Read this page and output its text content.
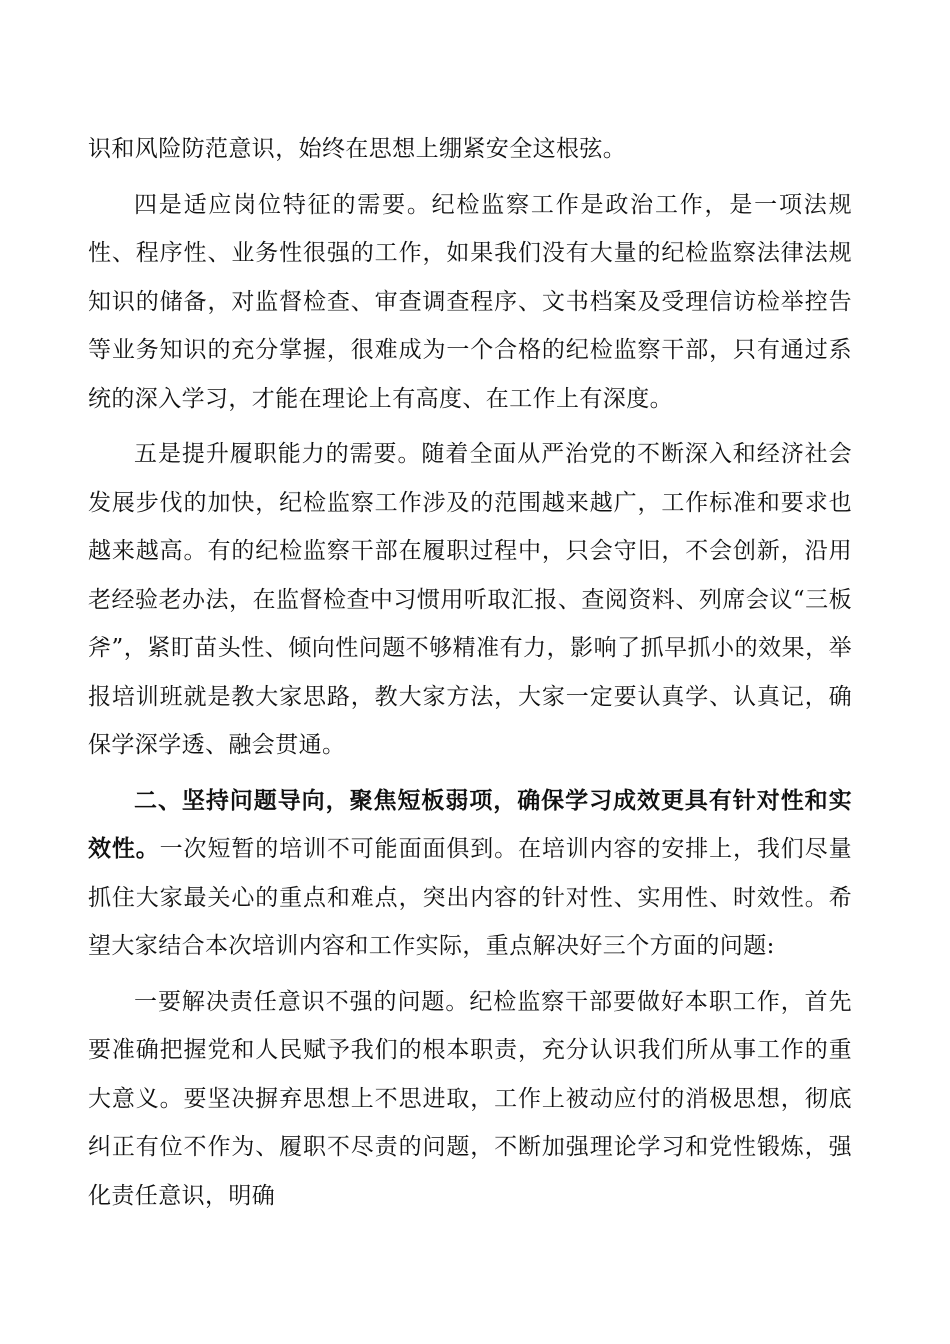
识和风险防范意识，始终在思想上绷紧安全这根弦。

四是适应岗位特征的需要。纪检监察工作是政治工作，是一项法规性、程序性、业务性很强的工作，如果我们没有大量的纪检监察法律法规知识的储备，对监督检查、审查调查程序、文书档案及受理信访检举控告等业务知识的充分掌握，很难成为一个合格的纪检监察干部，只有通过系统的深入学习，才能在理论上有高度、在工作上有深度。

五是提升履职能力的需要。随着全面从严治党的不断深入和经济社会发展步伐的加快，纪检监察工作涉及的范围越来越广，工作标准和要求也越来越高。有的纪检监察干部在履职过程中，只会守旧，不会创新，沿用老经验老办法，在监督检查中习惯用听取汇报、查阅资料、列席会议“三板斧”，紧盯苗头性、倾向性问题不够精准有力，影响了抓早抓小的效果，举报培训班就是教大家思路，教大家方法，大家一定要认真学、认真记，确保学深学透、融会贯通。

二、坚持问题导向，聚焦短板弱项，确保学习成效更具有针对性和实效性。一次短暂的培训不可能面面俱到。在培训内容的安排上，我们尽量抓住大家最关心的重点和难点，突出内容的针对性、实用性、时效性。希望大家结合本次培训内容和工作实际，重点解决好三个方面的问题:

一要解决责任意识不强的问题。纪检监察干部要做好本职工作，首先要准确把握党和人民赋予我们的根本职责，充分认识我们所从事工作的重大意义。要坚决摒弃思想上不思进取，工作上被动应付的消极思想，彻底纠正有位不作为、履职不尽责的问题，不断加强理论学习和党性锻炼，强化责任意识，明确
